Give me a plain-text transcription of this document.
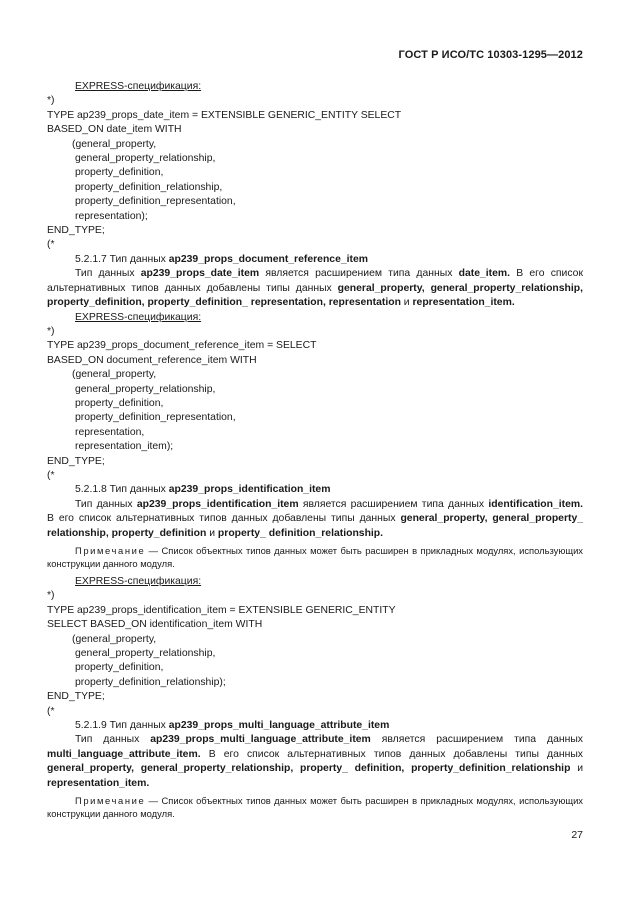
ГОСТ Р ИСО/ТС 10303-1295—2012
EXPRESS-спецификация:
*)
TYPE ap239_props_date_item = EXTENSIBLE GENERIC_ENTITY SELECT
BASED_ON date_item WITH
(general_property,
general_property_relationship,
property_definition,
property_definition_relationship,
property_definition_representation,
representation);
END_TYPE;
(*
5.2.1.7 Тип данных ap239_props_document_reference_item

Тип данных ap239_props_date_item является расширением типа данных date_item. В его список альтернативных типов данных добавлены типы данных general_property, general_property_relationship, property_definition, property_definition_ representation, representation и representation_item.

EXPRESS-спецификация:
*)
TYPE ap239_props_document_reference_item = SELECT
BASED_ON document_reference_item WITH
(general_property,
general_property_relationship,
property_definition,
property_definition_representation,
representation,
representation_item);
END_TYPE;
(*
5.2.1.8 Тип данных ap239_props_identification_item

Тип данных ap239_props_identification_item является расширением типа данных identification_item. В его список альтернативных типов данных добавлены типы данных general_property, general_property_ relationship, property_definition и property_ definition_relationship.

Примечание — Список объектных типов данных может быть расширен в прикладных модулях, использующих конструкции данного модуля.

EXPRESS-спецификация:
*)
TYPE ap239_props_identification_item = EXTENSIBLE GENERIC_ENTITY
SELECT BASED_ON identification_item WITH
(general_property,
general_property_relationship,
property_definition,
property_definition_relationship);
END_TYPE;
(*
5.2.1.9 Тип данных ap239_props_multi_language_attribute_item

Тип данных ap239_props_multi_language_attribute_item является расширением типа данных multi_language_attribute_item. В его список альтернативных типов данных добавлены типы данных general_property, general_property_relationship, property_ definition, property_definition_relationship и representation_item.

Примечание — Список объектных типов данных может быть расширен в прикладных модулях, использующих конструкции данного модуля.

27
